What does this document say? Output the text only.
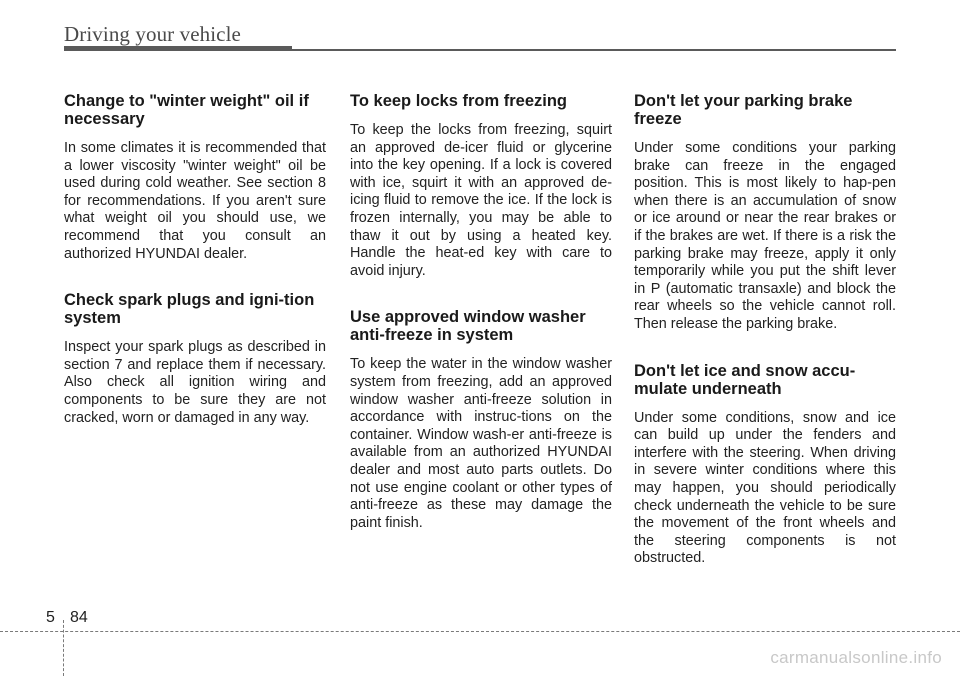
Driving your vehicle
Change to "winter weight" oil if necessary

In some climates it is recommended that a lower viscosity "winter weight" oil be used during cold weather. See section 8 for recommendations. If you aren't sure what weight oil you should use, we recommend that you consult an authorized HYUNDAI dealer.

Check spark plugs and igni-tion system

Inspect your spark plugs as described in section 7 and replace them if necessary. Also check all ignition wiring and components to be sure they are not cracked, worn or damaged in any way.

To keep locks from freezing

To keep the locks from freezing, squirt an approved de-icer fluid or glycerine into the key opening. If a lock is covered with ice, squirt it with an approved de-icing fluid to remove the ice. If the lock is frozen internally, you may be able to thaw it out by using a heated key. Handle the heat-ed key with care to avoid injury.

Use approved window washer anti-freeze in system

To keep the water in the window washer system from freezing, add an approved window washer anti-freeze solution in accordance with instruc-tions on the container. Window wash-er anti-freeze is available from an authorized HYUNDAI dealer and most auto parts outlets. Do not use engine coolant or other types of anti-freeze as these may damage the paint finish.

Don't let your parking brake freeze

Under some conditions your parking brake can freeze in the engaged position. This is most likely to hap-pen when there is an accumulation of snow or ice around or near the rear brakes or if the brakes are wet. If there is a risk the parking brake may freeze, apply it only temporarily while you put the shift lever in P (automatic transaxle) and block the rear wheels so the vehicle cannot roll. Then release the parking brake.

Don't let ice and snow accu-mulate underneath

Under some conditions, snow and ice can build up under the fenders and interfere with the steering. When driving in severe winter conditions where this may happen, you should periodically check underneath the vehicle to be sure the movement of the front wheels and the steering components is not obstructed.

5 84
carmanualsonline.info
